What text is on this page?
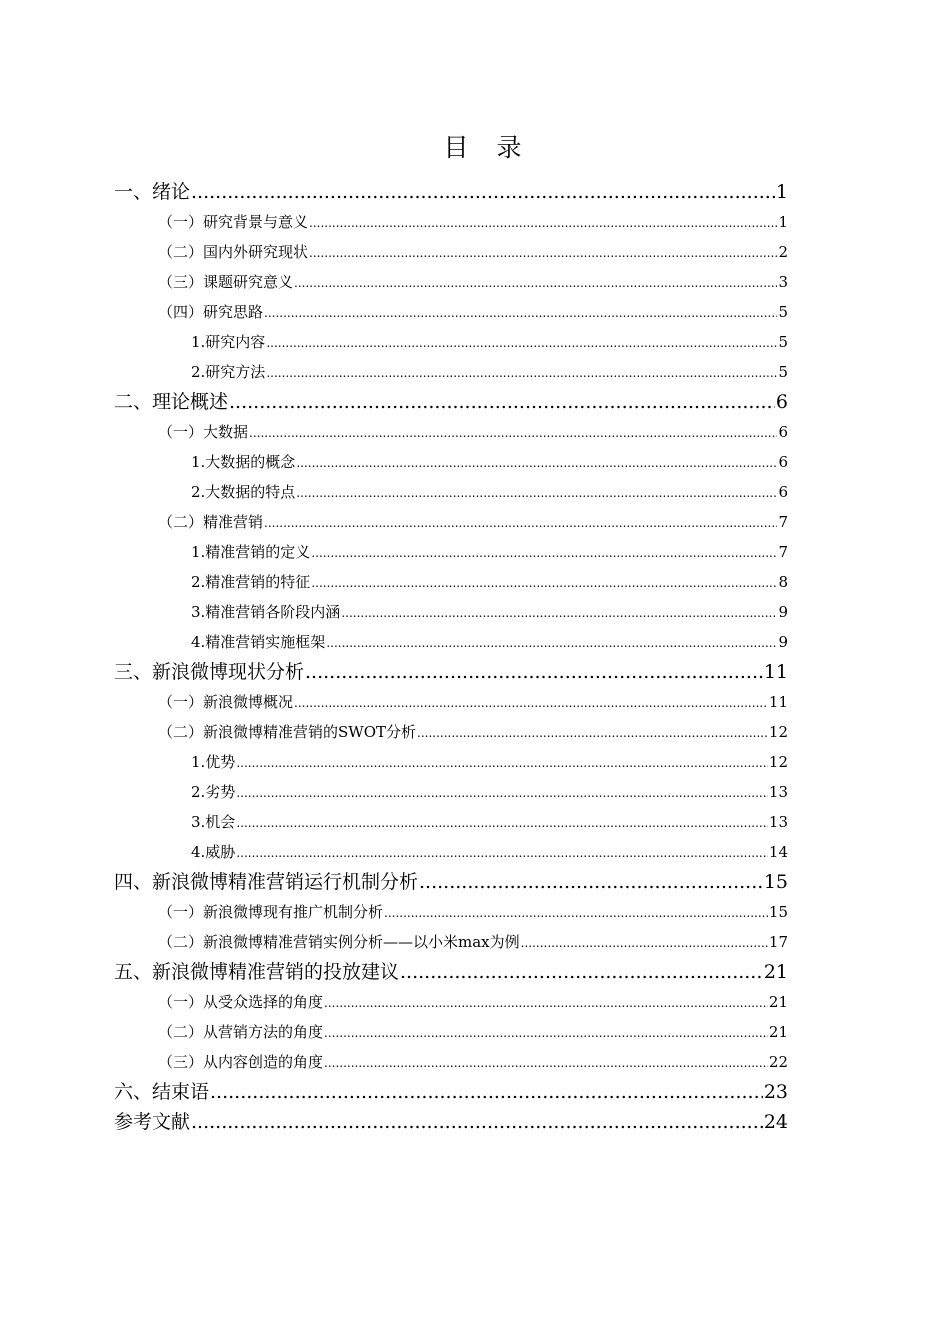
目 录
一、绪论 .....	1
（一）研究背景与意义 .....	1
（二）国内外研究现状 .....	2
（三）课题研究意义 .....	3
（四）研究思路 .....	5
1.研究内容 .....	5
2.研究方法 .....	5
二、理论概述 .....	6
（一）大数据 .....	6
1.大数据的概念 .....	6
2.大数据的特点 .....	6
（二）精准营销 .....	7
1.精准营销的定义 .....	7
2.精准营销的特征 .....	8
3.精准营销各阶段内涵 .....	9
4.精准营销实施框架 .....	9
三、新浪微博现状分析 .....	11
（一）新浪微博概况 .....	11
（二）新浪微博精准营销的SWOT分析 .....	12
1.优势 .....	12
2.劣势 .....	13
3.机会 .....	13
4.威胁 .....	14
四、新浪微博精准营销运行机制分析 .....	15
（一）新浪微博现有推广机制分析 .....	15
（二）新浪微博精准营销实例分析——以小米max为例 .....	17
五、新浪微博精准营销的投放建议 .....	21
（一）从受众选择的角度 .....	21
（二）从营销方法的角度 .....	21
（三）从内容创造的角度 .....	22
六、结束语 .....	23
参考文献 .....	24
